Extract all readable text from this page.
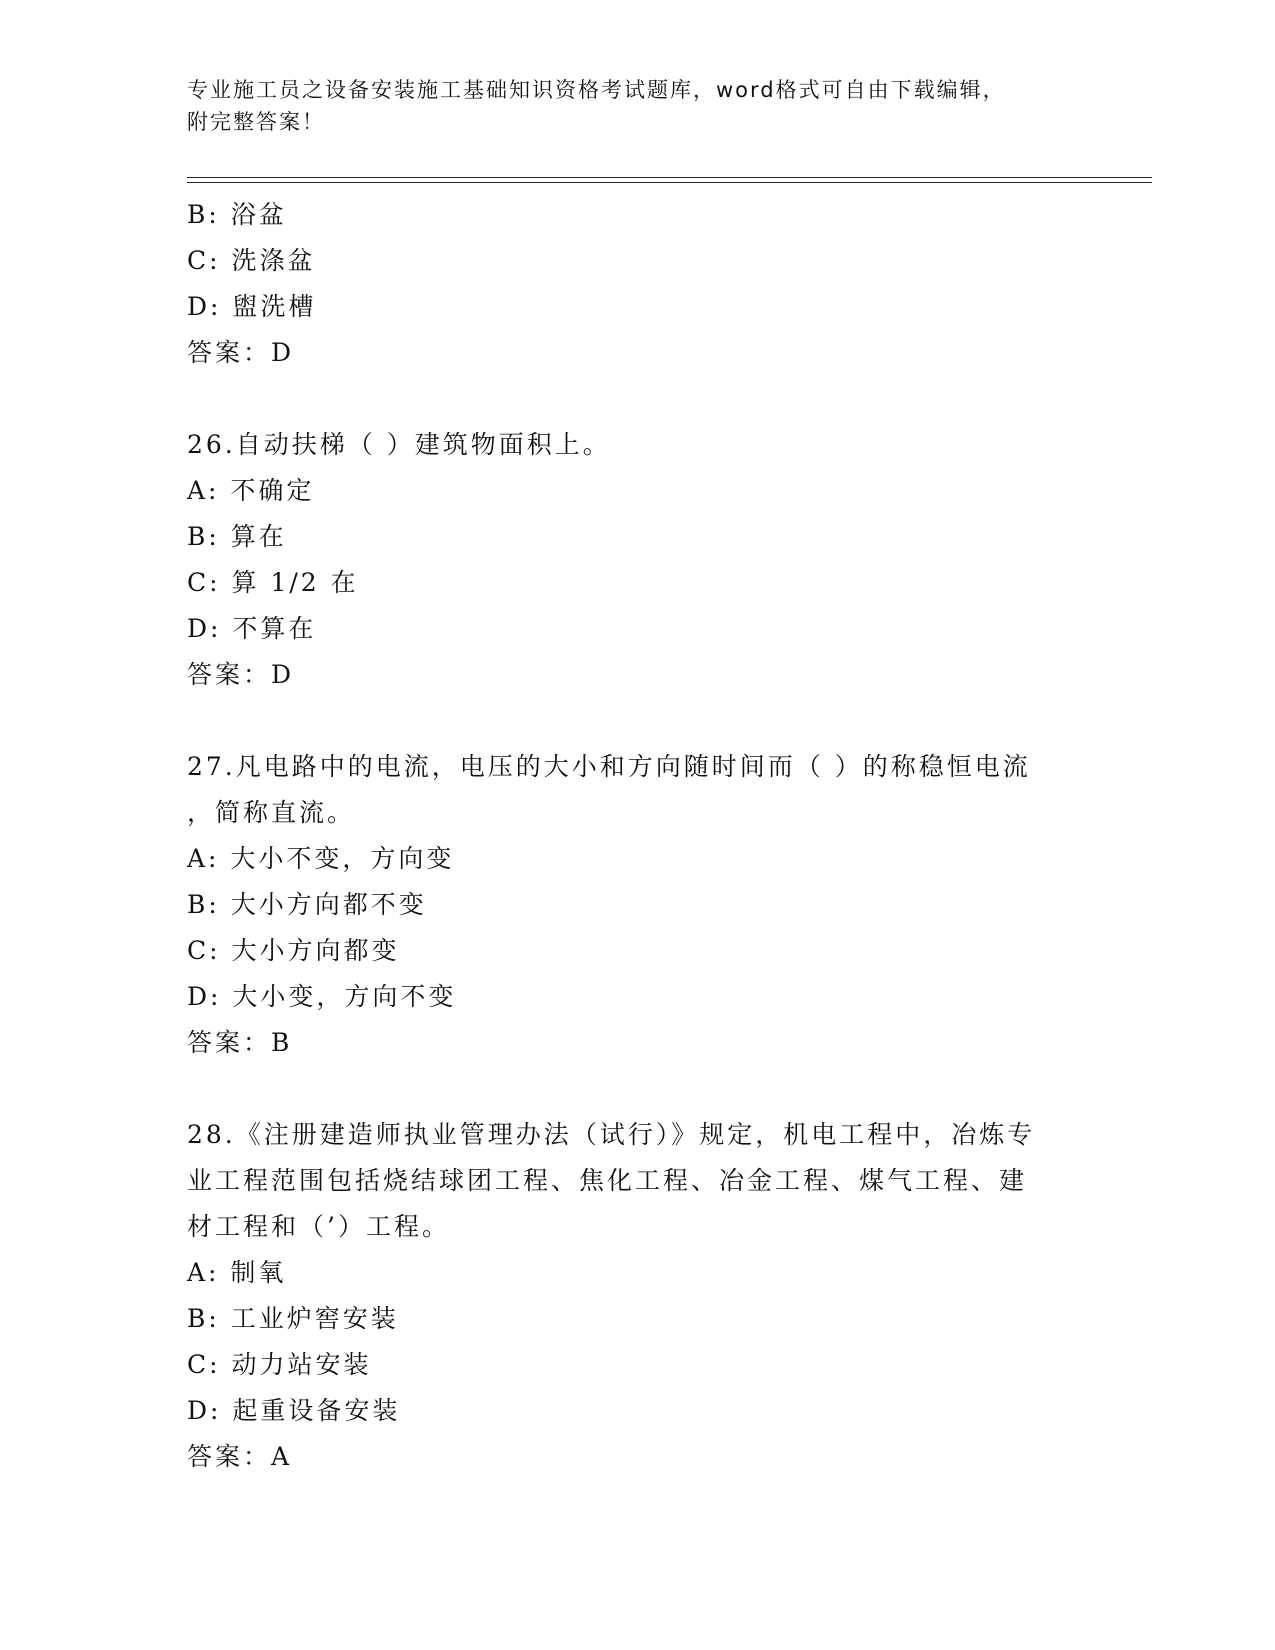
专业施工员之设备安装施工基础知识资格考试题库，word格式可自由下载编辑，
附完整答案！
B: 浴盆
C: 洗涤盆
D: 盥洗槽
答案：D
26.自动扶梯（ ）建筑物面积上。
A: 不确定
B: 算在
C: 算 1/2 在
D: 不算在
答案：D
27.凡电路中的电流，电压的大小和方向随时间而（ ）的称稳恒电流
，简称直流。
A: 大小不变，方向变
B: 大小方向都不变
C: 大小方向都变
D: 大小变，方向不变
答案：B
28.《注册建造师执业管理办法（试行）》规定，机电工程中，冶炼专
业工程范围包括烧结球团工程、焦化工程、冶金工程、煤气工程、建
材工程和（’）工程。
A: 制氧
B: 工业炉窖安装
C: 动力站安装
D: 起重设备安装
答案：A
